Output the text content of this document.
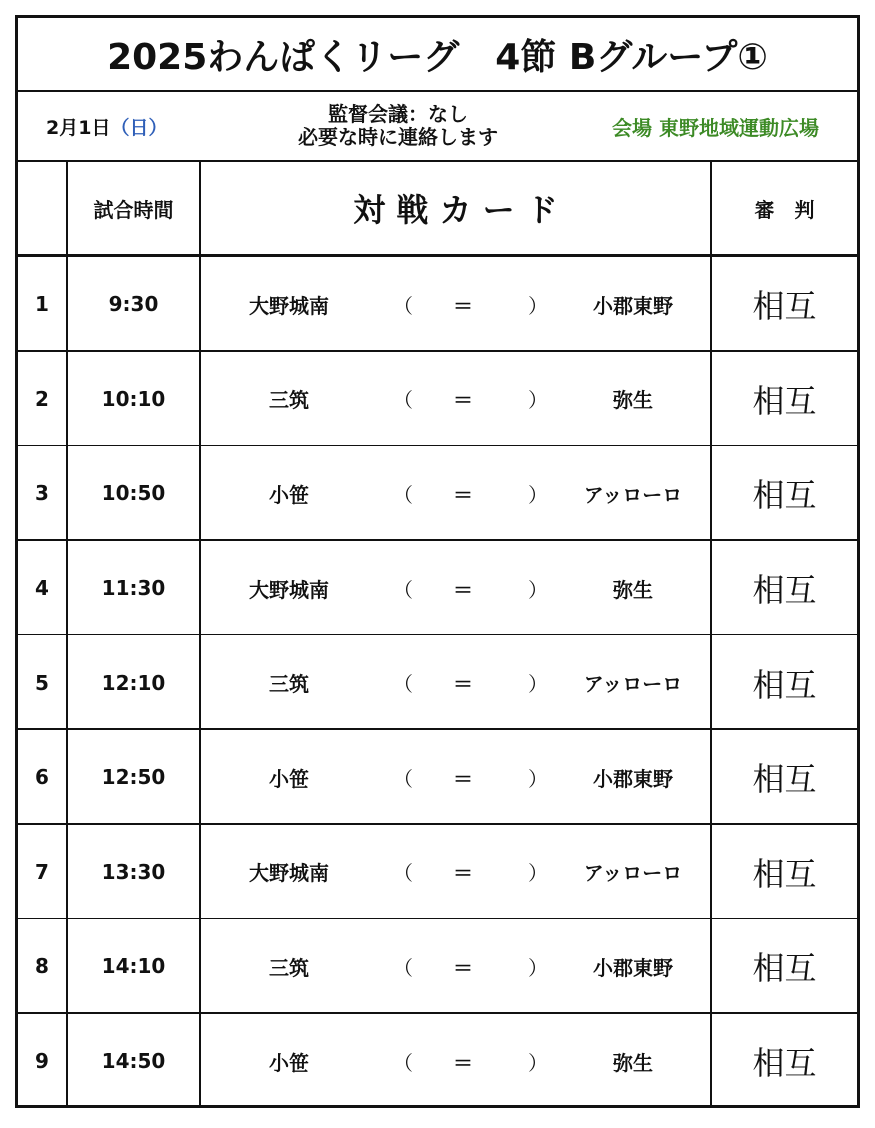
2025わんぱくリーグ　4節 Bグループ①
2月1日 （日）
監督会議：なし
必要な時に連絡します	会場 東野地域運動広場
試合時間	対 戦 カ ー ド	審　判
1	9:30	大野城南	（	＝	）	小郡東野	相互
2	10:10	三筑	（	＝	）	弥生	相互
3	10:50	小笹	（	＝	）	アッローロ	相互
4	11:30	大野城南	（	＝	）	弥生	相互
5	12:10	三筑	（	＝	）	アッローロ	相互
6	12:50	小笹	（	＝	）	小郡東野	相互
7	13:30	大野城南	（	＝	）	アッローロ	相互
8	14:10	三筑	（	＝	）	小郡東野	相互
9	14:50	小笹	（	＝	）	弥生	相互
